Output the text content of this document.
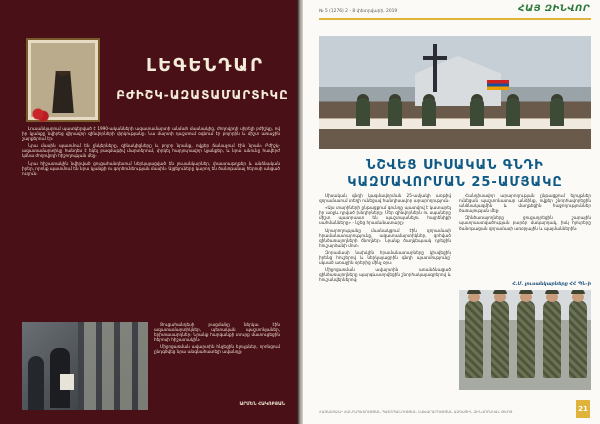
ԼԵԳԵՆԴԱՐ
ԲԺԻՇԿ-ԱԶԱՏԱՄԱՐՏԻԿԸ

Լուսանկարում պատկերված է 1990-ականների ազատամարտի անմահ մասնակից, ժողովրդի սիրելի բժիշկը, ով իր կյանքը նվիրեց վիրավոր զինվորների փրկությանը։ Նա մարտի դաշտում օգնում էր բոլորին և միշտ առաջին շարքերում էր։

Նրա մասին պատմում են ընկերները, զինակիցները և բոլոր նրանք, ովքեր ճանաչում էին նրան։ Բժիշկ-ազատամարտիկը հանդես է եկել բազմաթիվ մարտերում, փրկել հարյուրավոր կյանքեր, և նրա անունը հավերժ կմնա ժողովրդի հիշողության մեջ։

Նրա հիշատակին նվիրված ցուցահանդեսում ներկայացված են լուսանկարներ, փաստաթղթեր և անձնական իրեր, որոնք պատմում են նրա կյանքի ու գործունեության մասին։ Այցելուները կարող են ծանոթանալ հերոսի անցած ուղուն։

Ցուցահանդեսի բացմանը ներկա էին ազատամարտիկներ, պետական պաշտոնյաներ, երիտասարդներ։ Նրանք հարգանքի տուրք մատուցեցին հերոսի հիշատակին։

Միջոցառման ավարտին հնչեցին ելույթներ, որոնցում ընդգծվեց նրա անգնահատելի ավանդը։

ԱՐՄԵՆ ՀԱԿՈԲՅԱՆ
№ 5 (1276) 2 - 8 փետրվարի, 2019	ՀԱՅ ԶԻՆՎՈՐ
ՆՇՎԵՑ ՍԻՍԱԿԱՆ ԳՆԴԻ
ԿԱԶՄԱՎՈՐՄԱՆ 25-ԱՄՅԱԿԸ

Սիսական գնդի կազմավորման 25-ամյակի առթիվ զորամասում տեղի ունեցավ հանդիսավոր արարողություն։

«Այս տարիների ընթացքում գունդը պատվով է կատարել իր առջև դրված խնդիրները։ Մեր զինվորներն ու սպաները միշտ պատրաստ են պաշտպանելու հայրենիքի սահմանները» - նշեց հրամանատարը։

Արարողությանը մասնակցում էին զորամասի հրամանատարությունը, ազատամարտիկներ, զոհված զինծառայողների ծնողներ։ Նրանք ծաղկեպսակ դրեցին հուշարձանի մոտ։

Զորամասի նախկին հրամանատարները կիսվեցին իրենց հուշերով և ներկայացրին գնդի պատմությունը՝ սկսած առաջին օրերից մինչ օրս։

Միջոցառման ավարտին առանձնացած զինծառայողները պարգևատրվեցին շնորհակալագրերով և հուշանվերներով։

Հանդիսավոր արարողության ընթացքում ելույթներ ունեցան պաշտոնատար անձինք, ովքեր շնորհավորեցին անձնակազմին և մաղթեցին հաջողություններ ծառայության մեջ։

Զինծառայողները ցուցադրեցին շարային պատրաստվածության բարձր մակարդակ, իսկ հյուրերը ծանոթացան զորամասի առօրյային և պայմաններին։

Հ.Մ. լուսանկարները ՀՀ ՊՆ-ի
ՀԱՅԱՍՏԱՆԻ ՀԱՆՐԱՊԵՏՈՒԹՅԱՆ ՊԱՇՏՊԱՆՈՒԹՅԱՆ ՆԱԽԱՐԱՐՈՒԹՅԱՆ ԱԶԳԱՅԻՆ ԶԻՆՎՈՐԱԿԱՆ ԹԵՐԹ	21
